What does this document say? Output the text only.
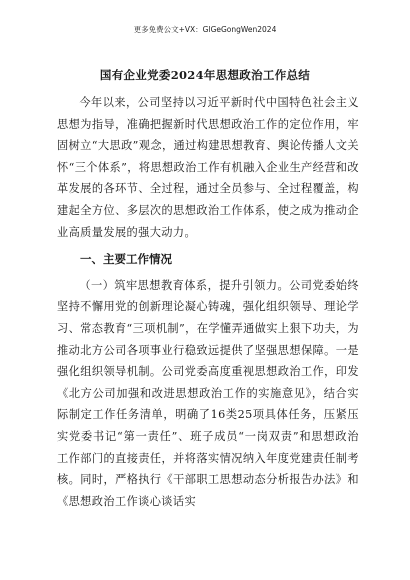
更多免费公文+VX：GlGeGongWen2024
国有企业党委2024年思想政治工作总结

今年以来，公司坚持以习近平新时代中国特色社会主义思想为指导，准确把握新时代思想政治工作的定位作用，牢固树立“大思政”观念，通过构建思想教育、舆论传播人文关怀“三个体系”，将思想政治工作有机融入企业生产经营和改革发展的各环节、全过程，通过全员参与、全过程覆盖，构建起全方位、多层次的思想政治工作体系，使之成为推动企业高质量发展的强大动力。

一、主要工作情况

（一）筑牢思想教育体系，提升引领力。公司党委始终坚持不懈用党的创新理论凝心铸魂，强化组织领导、理论学习、常态教育“三项机制”，在学懂弄通做实上狠下功夫，为推动北方公司各项事业行稳致远提供了坚强思想保障。一是强化组织领导机制。公司党委高度重视思想政治工作，印发《北方公司加强和改进思想政治工作的实施意见》，结合实际制定工作任务清单，明确了16类25项具体任务，压紧压实党委书记“第一责任”、班子成员“一岗双责”和思想政治工作部门的直接责任，并将落实情况纳入年度党建责任制考核。同时，严格执行《干部职工思想动态分析报告办法》和《思想政治工作谈心谈话实
